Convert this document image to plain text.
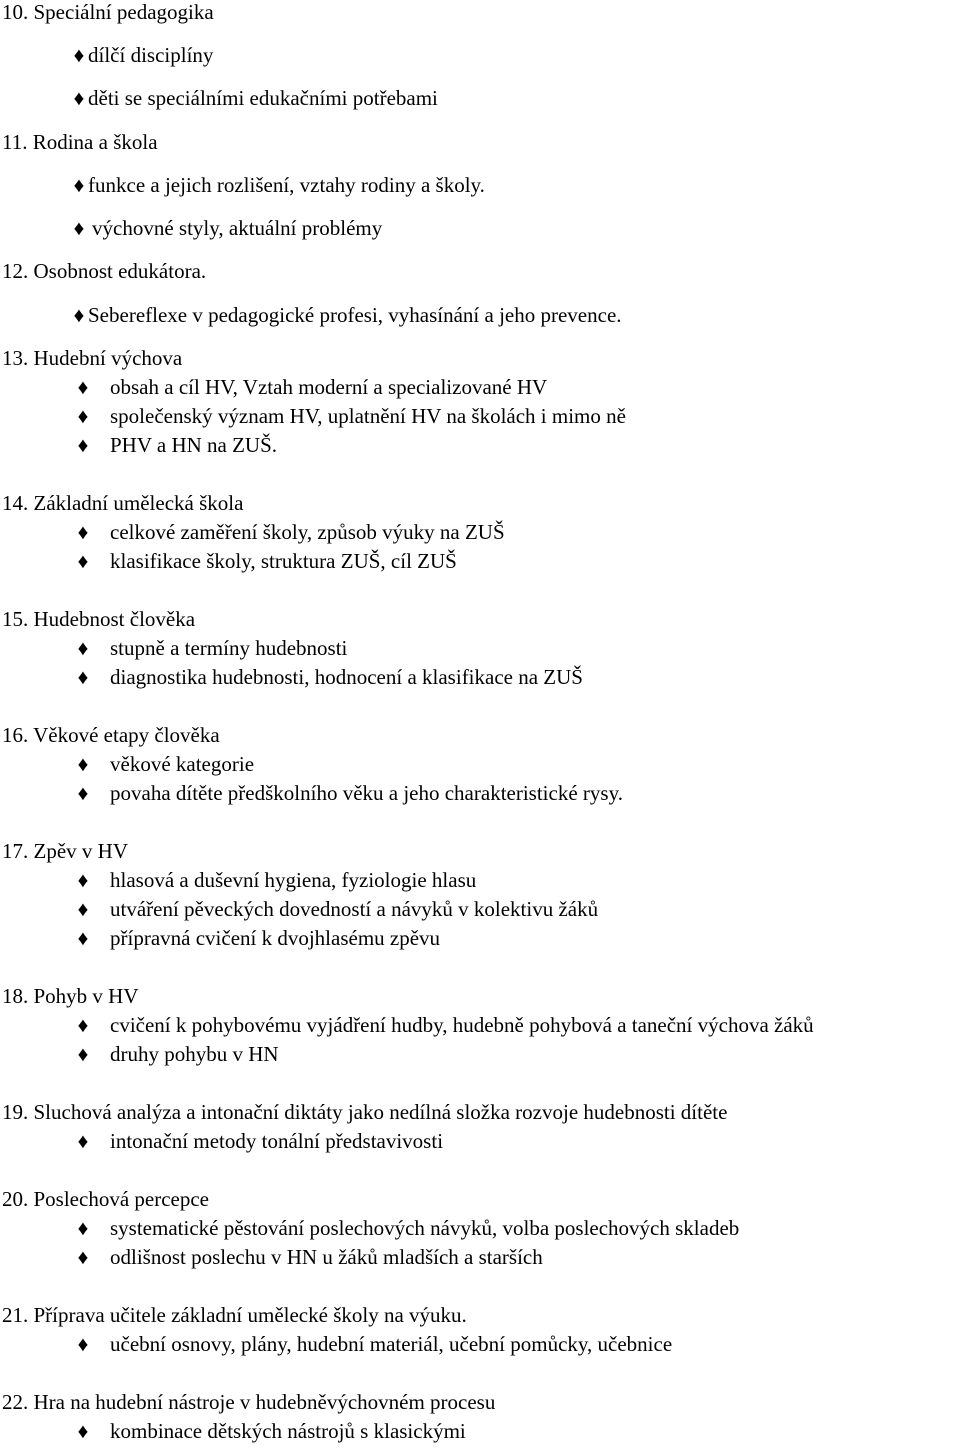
10. Speciální pedagogika
♦ dílčí disciplíny
♦ děti se speciálními edukačními potřebami
11. Rodina a škola
♦ funkce a jejich rozlišení, vztahy rodiny a školy.
♦ výchovné styly, aktuální problémy
12. Osobnost edukátora.
♦ Sebereflexe v pedagogické profesi, vyhasínání a jeho prevence.
13. Hudební výchova
♦ obsah a cíl HV, Vztah moderní a specializované HV
♦ společenský význam HV, uplatnění HV na školách i mimo ně
♦ PHV a HN na ZUŠ.
14. Základní umělecká škola
♦ celkové zaměření školy, způsob výuky na ZUŠ
♦ klasifikace školy, struktura ZUŠ, cíl ZUŠ
15. Hudebnost člověka
♦ stupně a termíny hudebnosti
♦ diagnostika hudebnosti, hodnocení a klasifikace na ZUŠ
16. Věkové etapy člověka
♦ věkové kategorie
♦ povaha dítěte předškolního věku a jeho charakteristické rysy.
17. Zpěv v HV
♦ hlasová a duševní hygiena, fyziologie hlasu
♦ utváření pěveckých dovedností a návyků v kolektivu žáků
♦ přípravná cvičení k dvojhlasému zpěvu
18. Pohyb v HV
♦ cvičení k pohybovému vyjádření hudby, hudebně pohybová a taneční výchova žáků
♦ druhy pohybu v HN
19. Sluchová analýza a intonační diktáty jako nedílná složka rozvoje hudebnosti dítěte
♦ intonační metody tonální představivosti
20. Poslechová percepce
♦ systematické pěstování poslechových návyků, volba poslechových skladeb
♦ odlišnost poslechu v HN u žáků mladších a starších
21. Příprava učitele základní umělecké školy na výuku.
♦ učební osnovy, plány, hudební materiál, učební pomůcky, učebnice
22. Hra na hudební nástroje v hudebněvýchovném procesu
♦ kombinace dětských nástrojů s klasickými
